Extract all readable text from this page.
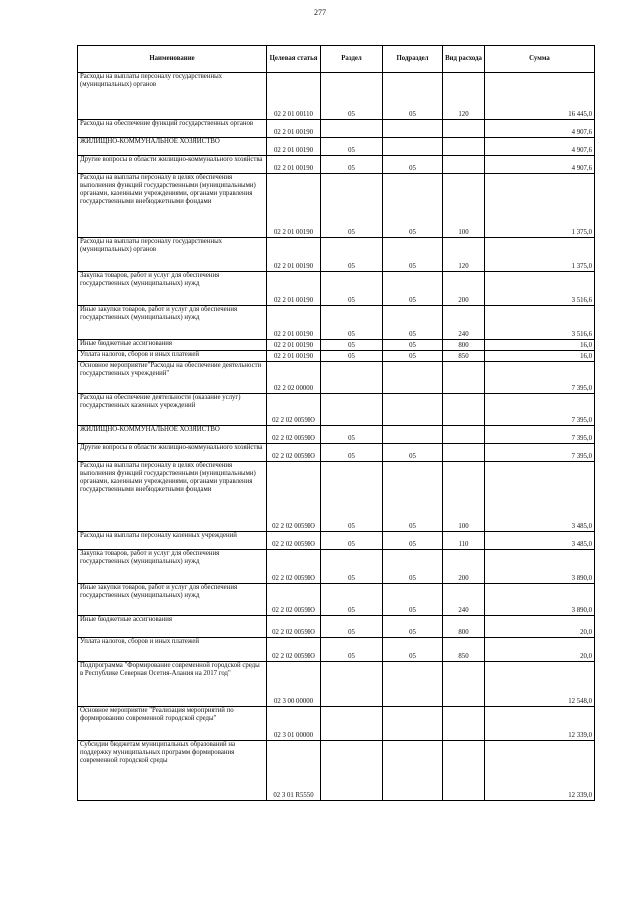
277
Наименование	Целевая статья	Раздел	Подраздел	Вид расхода	Сумма
Расходы на выплаты персоналу государственных (муниципальных) органов	02 2 01 00110	05	05	120	16 445,0
Расходы на обеспечение функций государственных органов	02 2 01 00190				4 907,6
ЖИЛИЩНО-КОММУНАЛЬНОЕ ХОЗЯЙСТВО	02 2 01 00190	05			4 907,6
Другие вопросы в области жилищно-коммунального хозяйства	02 2 01 00190	05	05		4 907,6
Расходы на выплаты персоналу в целях обеспечения выполнения функций государственными (муниципальными) органами, казенными учреждениями, органами управления государственными внебюджетными фондами	02 2 01 00190	05	05	100	1 375,0
Расходы на выплаты персоналу государственных (муниципальных) органов	02 2 01 00190	05	05	120	1 375,0
Закупка товаров, работ и услуг для обеспечения государственных (муниципальных) нужд	02 2 01 00190	05	05	200	3 516,6
Иные закупки товаров, работ и услуг для обеспечения государственных (муниципальных) нужд	02 2 01 00190	05	05	240	3 516,6
Иные бюджетные ассигнования	02 2 01 00190	05	05	800	16,0
Уплата налогов, сборов и иных платежей	02 2 01 00190	05	05	850	16,0
Основное мероприятие"Расходы на обеспечение деятельности государственных учреждений"	02 2 02 00000				7 395,0
Расходы на обеспечение деятельности (оказание услуг) государственных казенных учреждений	02 2 02 0059Ю				7 395,0
ЖИЛИЩНО-КОММУНАЛЬНОЕ ХОЗЯЙСТВО	02 2 02 0059Ю	05			7 395,0
Другие вопросы в области жилищно-коммунального хозяйства	02 2 02 0059Ю	05	05		7 395,0
Расходы на выплаты персоналу в целях обеспечения выполнения функций государственными (муниципальными) органами, казенными учреждениями, органами управления государственными внебюджетными фондами	02 2 02 0059Ю	05	05	100	3 485,0
Расходы на выплаты персоналу казенных учреждений	02 2 02 0059Ю	05	05	110	3 485,0
Закупка товаров, работ и услуг для обеспечения государственных (муниципальных) нужд	02 2 02 0059Ю	05	05	200	3 890,0
Иные закупки товаров, работ и услуг для обеспечения государственных (муниципальных) нужд	02 2 02 0059Ю	05	05	240	3 890,0
Иные бюджетные ассигнования	02 2 02 0059Ю	05	05	800	20,0
Уплата налогов, сборов и иных платежей	02 2 02 0059Ю	05	05	850	20,0
Подпрограмма "Формирование современной городской среды в Республике Северная Осетия-Алания на 2017 год"	02 3 00 00000				12 548,0
Основное мероприятие "Реализация мероприятий по формированию современной городской среды"	02 3 01 00000				12 339,0
Субсидии бюджетам муниципальных образований на поддержку муниципальных программ формирования современной городской среды	02 3 01 R5550				12 339,0
